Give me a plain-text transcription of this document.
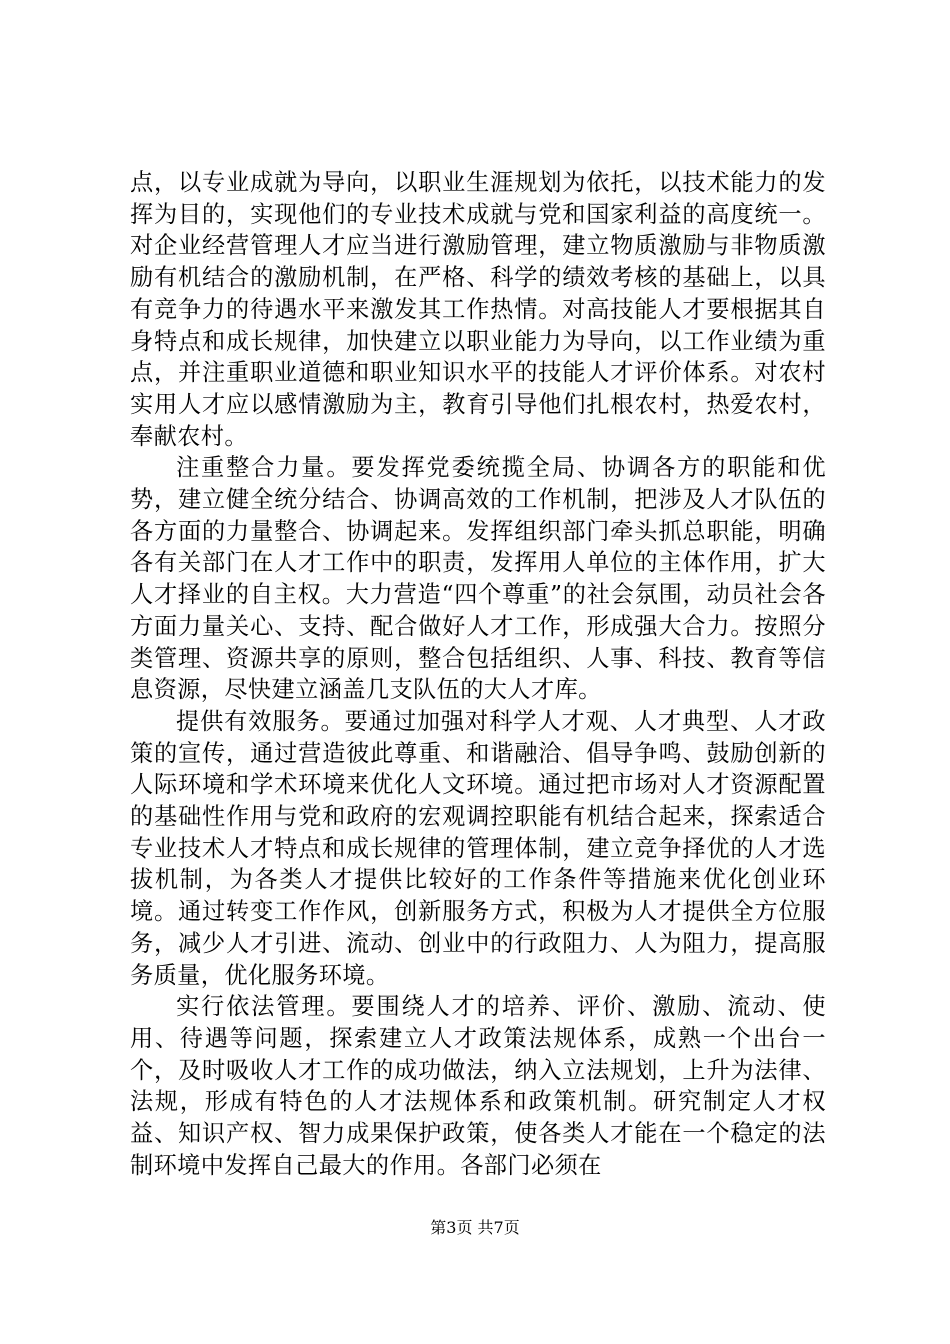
点，以专业成就为导向，以职业生涯规划为依托，以技术能力的发挥为目的，实现他们的专业技术成就与党和国家利益的高度统一。对企业经营管理人才应当进行激励管理，建立物质激励与非物质激励有机结合的激励机制，在严格、科学的绩效考核的基础上，以具有竞争力的待遇水平来激发其工作热情。对高技能人才要根据其自身特点和成长规律，加快建立以职业能力为导向，以工作业绩为重点，并注重职业道德和职业知识水平的技能人才评价体系。对农村实用人才应以感情激励为主，教育引导他们扎根农村，热爱农村，奉献农村。

注重整合力量。要发挥党委统揽全局、协调各方的职能和优势，建立健全统分结合、协调高效的工作机制，把涉及人才队伍的各方面的力量整合、协调起来。发挥组织部门牵头抓总职能，明确各有关部门在人才工作中的职责，发挥用人单位的主体作用，扩大人才择业的自主权。大力营造“四个尊重”的社会氛围，动员社会各方面力量关心、支持、配合做好人才工作，形成强大合力。按照分类管理、资源共享的原则，整合包括组织、人事、科技、教育等信息资源，尽快建立涵盖几支队伍的大人才库。

提供有效服务。要通过加强对科学人才观、人才典型、人才政策的宣传，通过营造彼此尊重、和谐融洽、倡导争鸣、鼓励创新的人际环境和学术环境来优化人文环境。通过把市场对人才资源配置的基础性作用与党和政府的宏观调控职能有机结合起来，探索适合专业技术人才特点和成长规律的管理体制，建立竞争择优的人才选拔机制，为各类人才提供比较好的工作条件等措施来优化创业环境。通过转变工作作风，创新服务方式，积极为人才提供全方位服务，减少人才引进、流动、创业中的行政阻力、人为阻力，提高服务质量，优化服务环境。

实行依法管理。要围绕人才的培养、评价、激励、流动、使用、待遇等问题，探索建立人才政策法规体系，成熟一个出台一个，及时吸收人才工作的成功做法，纳入立法规划，上升为法律、法规，形成有特色的人才法规体系和政策机制。研究制定人才权益、知识产权、智力成果保护政策，使各类人才能在一个稳定的法制环境中发挥自己最大的作用。各部门必须在

第3页 共7页
